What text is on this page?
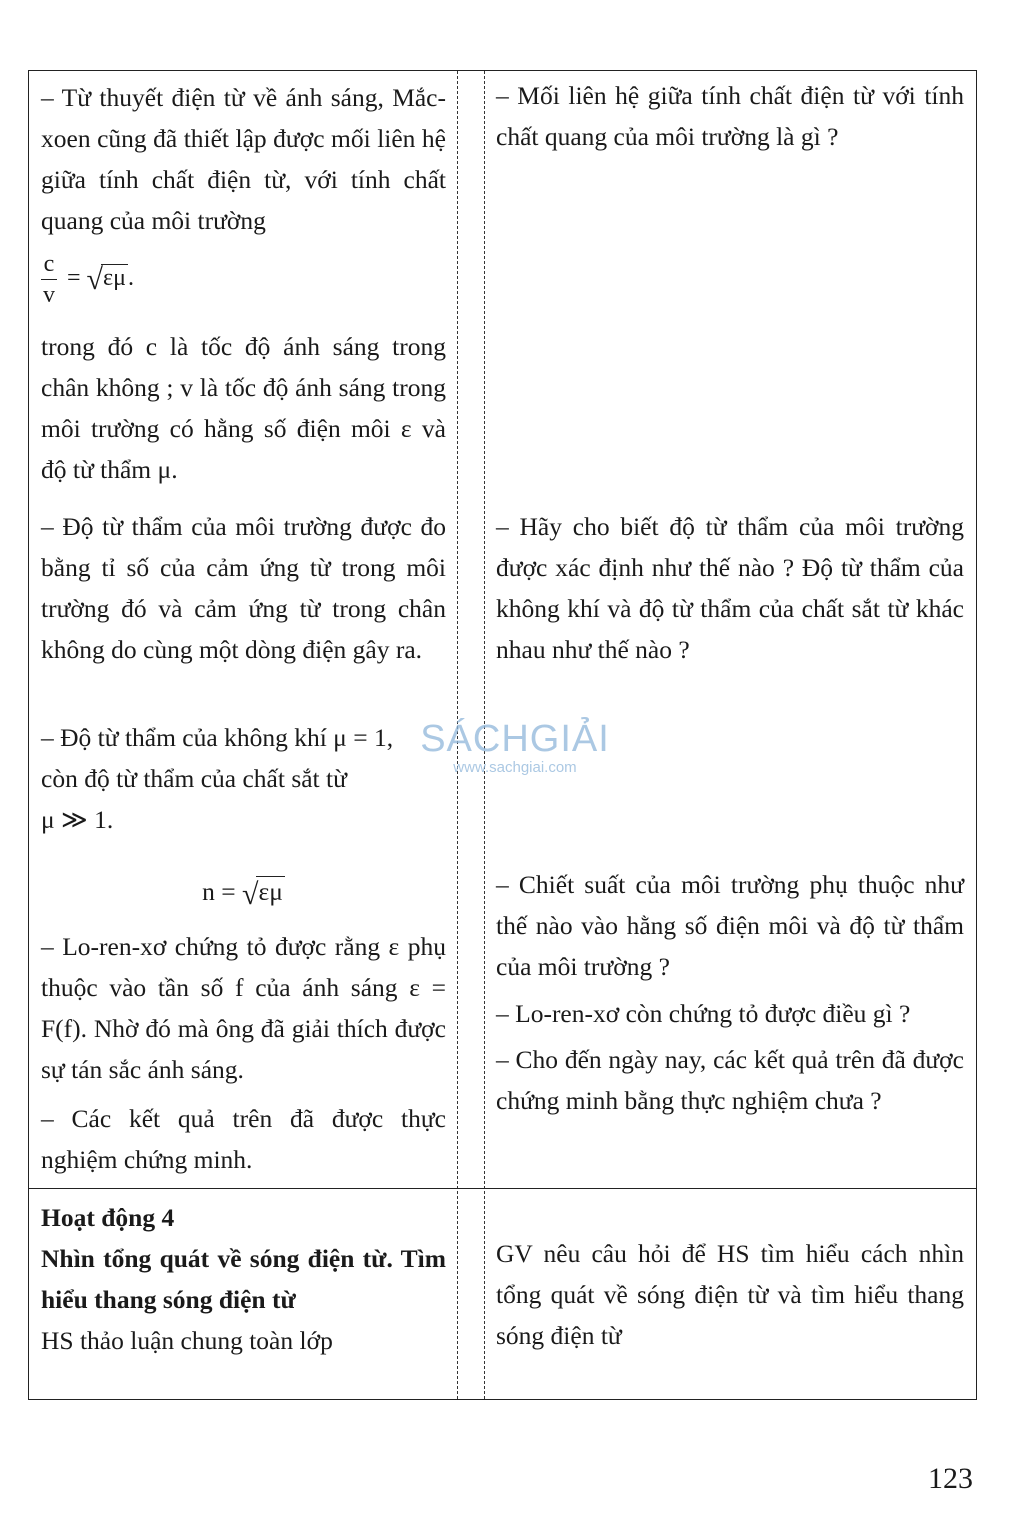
– Từ thuyết điện từ về ánh sáng, Mắc-xoen cũng đã thiết lập được mối liên hệ giữa tính chất điện từ, với tính chất quang của môi trường

$\frac{c}{v} = √\varepsilon\mu$.

trong đó c là tốc độ ánh sáng trong chân không ; v là tốc độ ánh sáng trong môi trường có hằng số điện môi ε và độ từ thẩm μ.

– Độ từ thẩm của môi trường được đo bằng tỉ số của cảm ứng từ trong môi trường đó và cảm ứng từ trong chân không do cùng một dòng điện gây ra.

– Độ từ thẩm của không khí μ = 1,

còn độ từ thẩm của chất sắt từ

μ ≫ 1.

n = √εμ

– Lo-ren-xơ chứng tỏ được rằng ε phụ thuộc vào tần số f của ánh sáng ε = F(f). Nhờ đó mà ông đã giải thích được sự tán sắc ánh sáng.

– Các kết quả trên đã được thực nghiệm chứng minh.

Hoạt động 4

Nhìn tổng quát về sóng điện từ. Tìm hiểu thang sóng điện từ

HS thảo luận chung toàn lớp

– Mối liên hệ giữa tính chất điện từ với tính chất quang của môi trường là gì ?

– Hãy cho biết độ từ thẩm của môi trường được xác định như thế nào ? Độ từ thẩm của không khí và độ từ thẩm của chất sắt từ khác nhau như thế nào ?

– Chiết suất của môi trường phụ thuộc như thế nào vào hằng số điện môi và độ từ thẩm của môi trường ?

– Lo-ren-xơ còn chứng tỏ được điều gì ?

– Cho đến ngày nay, các kết quả trên đã được chứng minh bằng thực nghiệm chưa ?

GV nêu câu hỏi để HS tìm hiểu cách nhìn tổng quát về sóng điện từ và tìm hiểu thang sóng điện từ

SÁCHGIẢI
www.sachgiai.com
123
